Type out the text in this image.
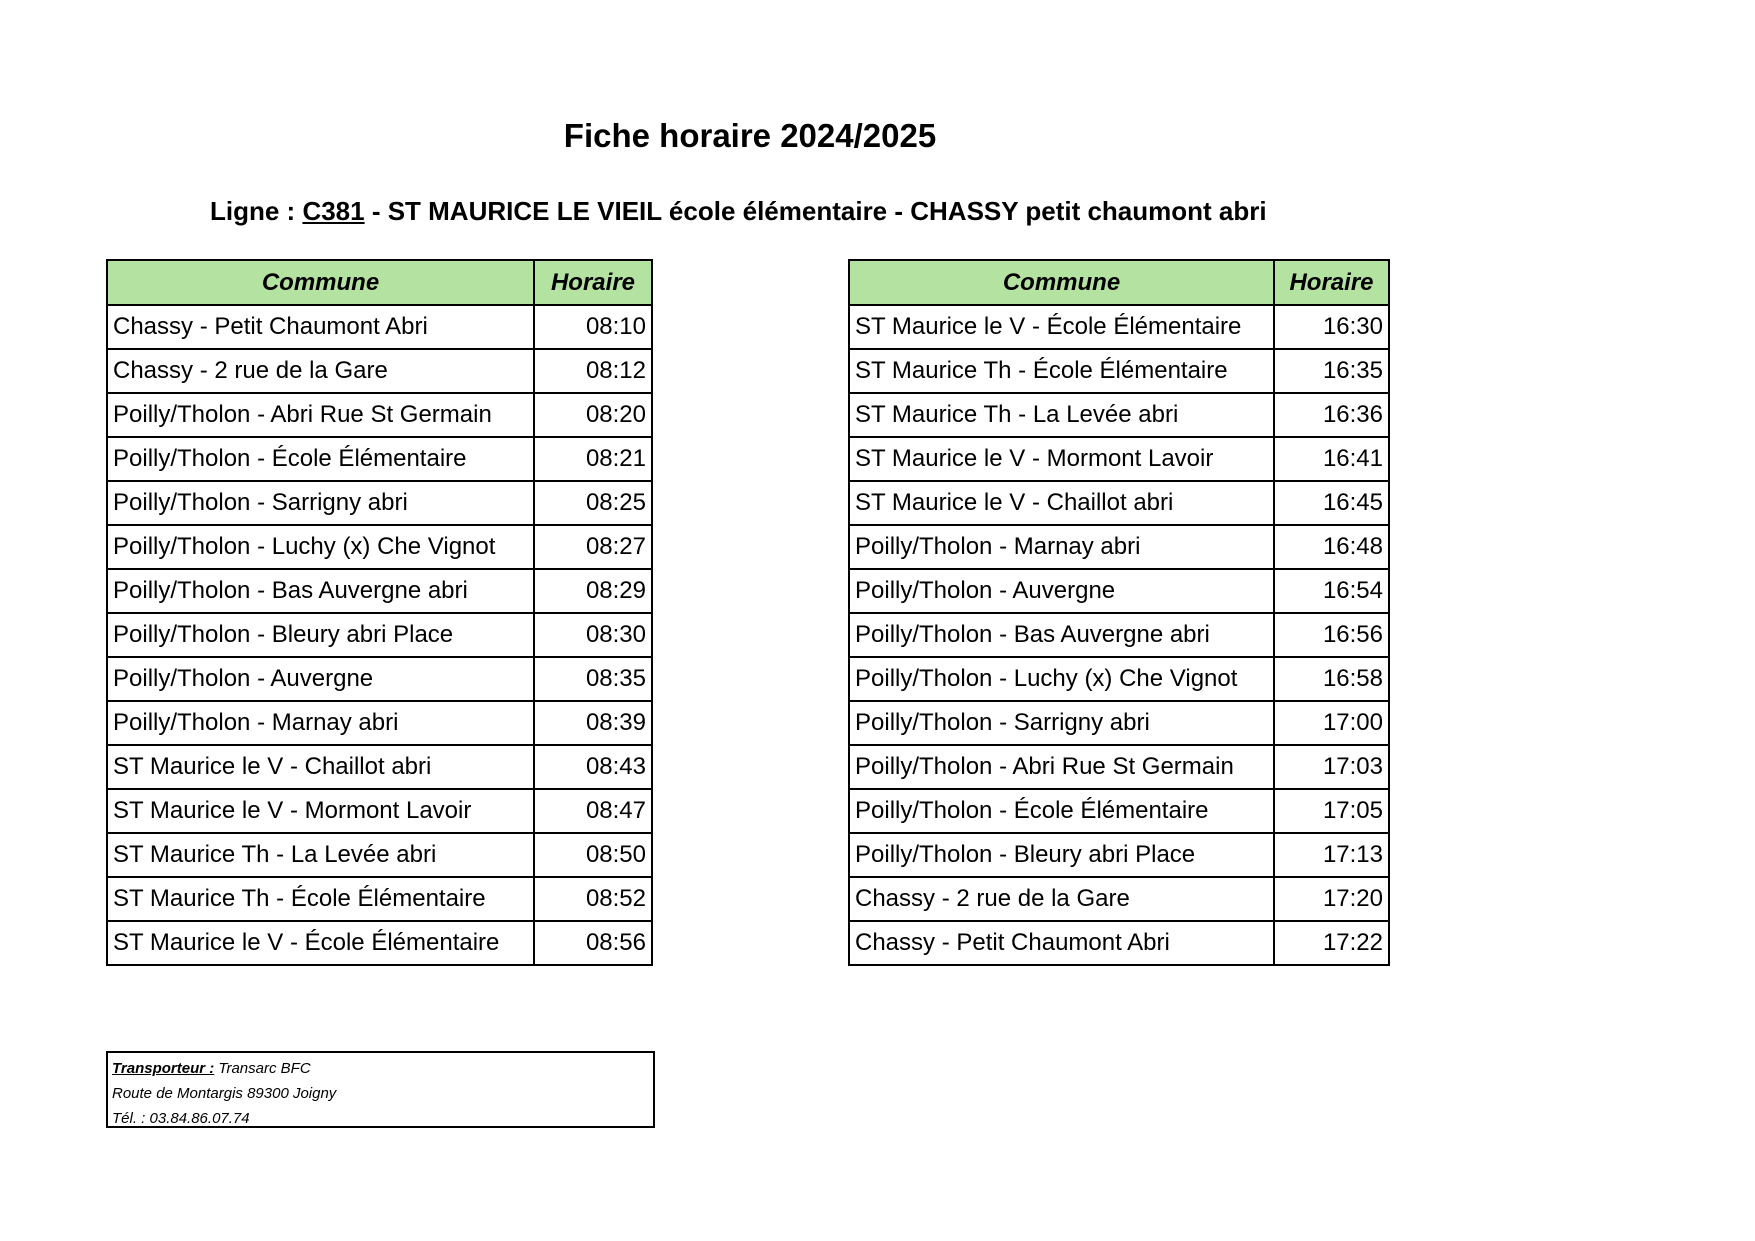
Fiche horaire 2024/2025
Ligne : C381 - ST MAURICE LE VIEIL école élémentaire - CHASSY petit chaumont abri
Commune	Horaire
Chassy - Petit Chaumont Abri	08:10
Chassy - 2 rue de la Gare	08:12
Poilly/Tholon - Abri Rue St Germain	08:20
Poilly/Tholon - École Élémentaire	08:21
Poilly/Tholon - Sarrigny abri	08:25
Poilly/Tholon - Luchy (x) Che Vignot	08:27
Poilly/Tholon - Bas Auvergne abri	08:29
Poilly/Tholon - Bleury abri Place	08:30
Poilly/Tholon - Auvergne	08:35
Poilly/Tholon - Marnay abri	08:39
ST Maurice le V - Chaillot abri	08:43
ST Maurice le V - Mormont Lavoir	08:47
ST Maurice Th - La Levée abri	08:50
ST Maurice Th - École Élémentaire	08:52
ST Maurice le V - École Élémentaire	08:56
Commune	Horaire
ST Maurice le V - École Élémentaire	16:30
ST Maurice Th - École Élémentaire	16:35
ST Maurice Th - La Levée abri	16:36
ST Maurice le V - Mormont Lavoir	16:41
ST Maurice le V - Chaillot abri	16:45
Poilly/Tholon - Marnay abri	16:48
Poilly/Tholon - Auvergne	16:54
Poilly/Tholon - Bas Auvergne abri	16:56
Poilly/Tholon - Luchy (x) Che Vignot	16:58
Poilly/Tholon - Sarrigny abri	17:00
Poilly/Tholon - Abri Rue St Germain	17:03
Poilly/Tholon - École Élémentaire	17:05
Poilly/Tholon - Bleury abri Place	17:13
Chassy - 2 rue de la Gare	17:20
Chassy - Petit Chaumont Abri	17:22
Transporteur : Transarc BFC
Route de Montargis 89300 Joigny
Tél. : 03.84.86.07.74
